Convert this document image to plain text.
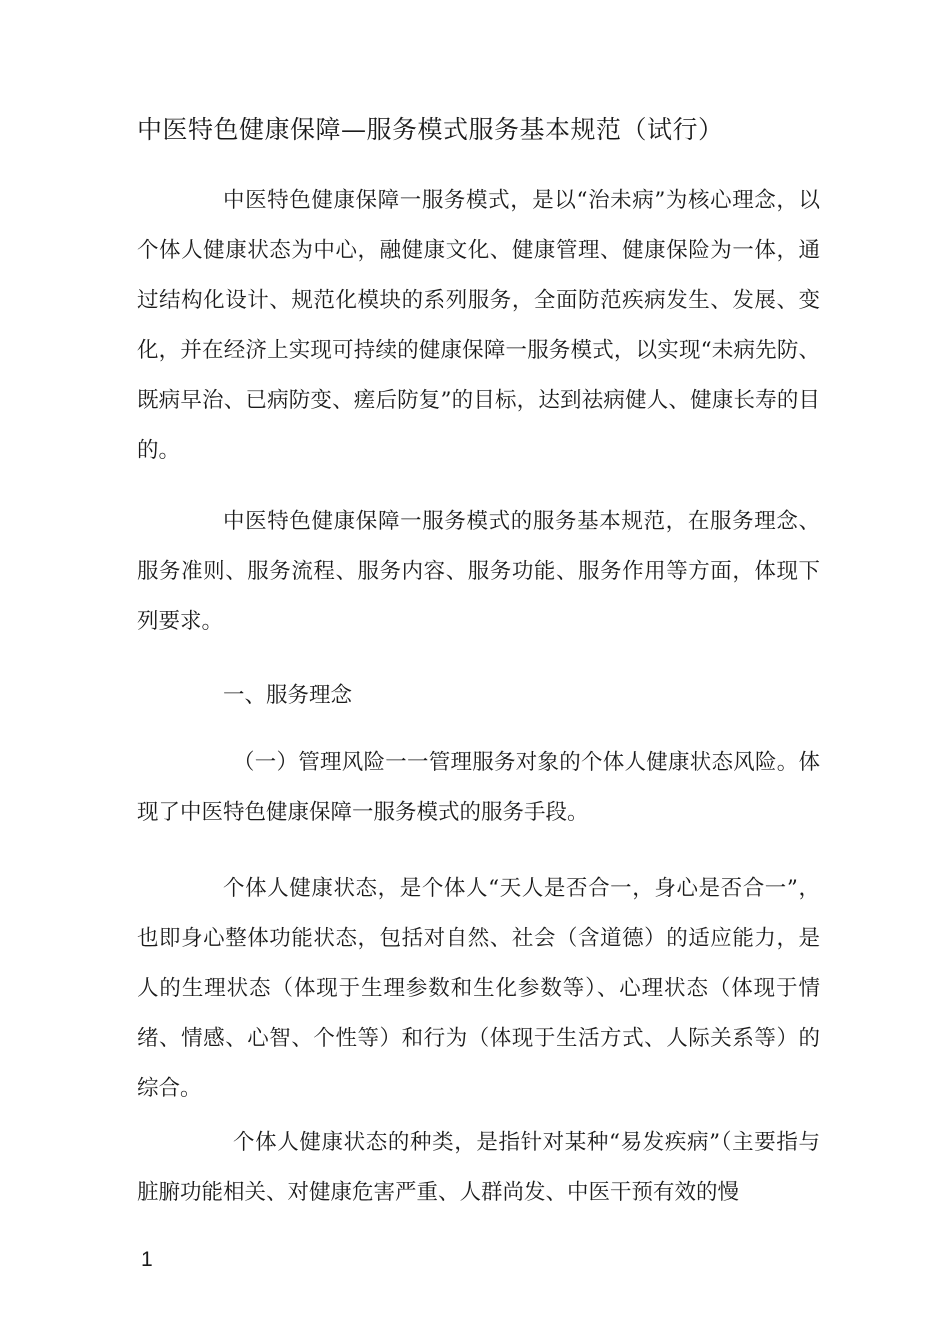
中医特色健康保障—服务模式服务基本规范（试行）

中医特色健康保障一服务模式，是以“治未病”为核心理念，以个体人健康状态为中心，融健康文化、健康管理、健康保险为一体，通过结构化设计、规范化模块的系列服务，全面防范疾病发生、发展、变化，并在经济上实现可持续的健康保障一服务模式，以实现“未病先防、既病早治、已病防变、瘥后防复”的目标，达到祛病健人、健康长寿的目的。

中医特色健康保障一服务模式的服务基本规范，在服务理念、服务准则、服务流程、服务内容、服务功能、服务作用等方面，体现下列要求。

一、服务理念

（一）管理风险一一管理服务对象的个体人健康状态风险。体现了中医特色健康保障一服务模式的服务手段。

个体人健康状态，是个体人“天人是否合一，身心是否合一”，也即身心整体功能状态，包括对自然、社会（含道德）的适应能力，是人的生理状态（体现于生理参数和生化参数等）、心理状态（体现于情绪、情感、心智、个性等）和行为（体现于生活方式、人际关系等）的综合。

个体人健康状态的种类，是指针对某种“易发疾病”（主要指与脏腑功能相关、对健康危害严重、人群尚发、中医干预有效的慢

1
